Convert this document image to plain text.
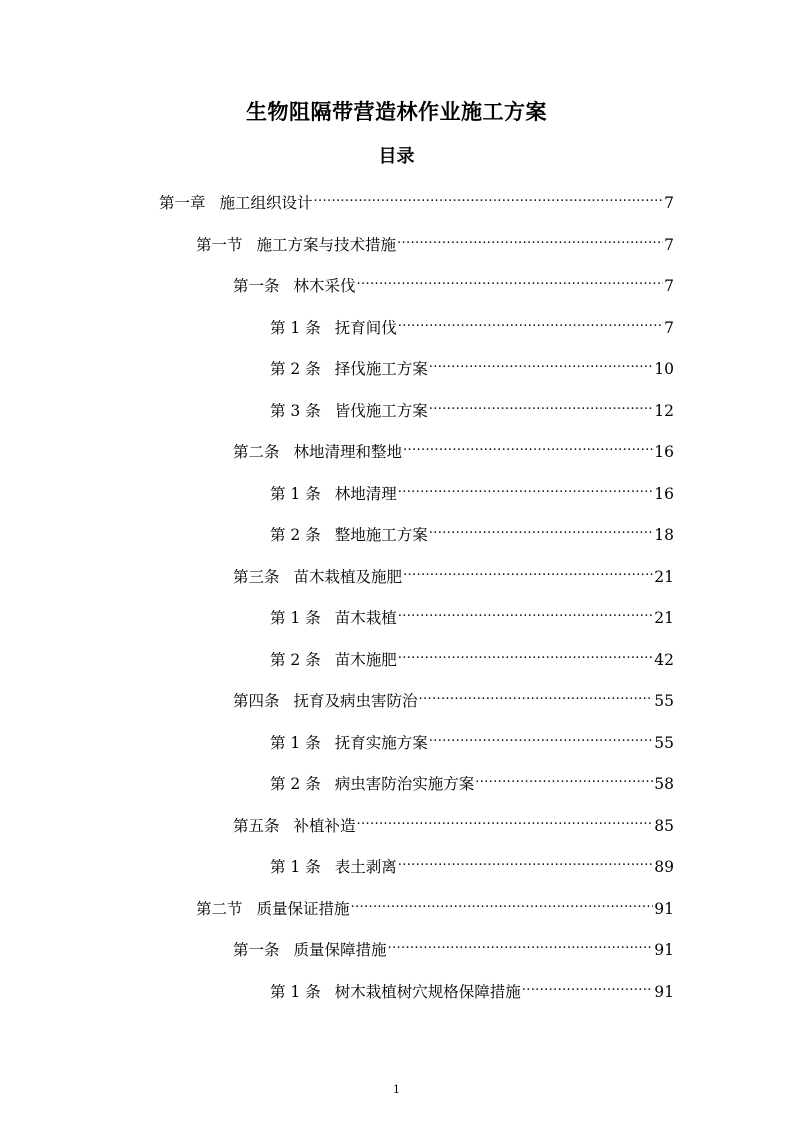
生物阻隔带营造林作业施工方案
目录
第一章 施工组织设计 .....	7
第一节 施工方案与技术措施 .....	7
第一条 林木采伐 .....	7
第 1 条 抚育间伐 .....	7
第 2 条 择伐施工方案 .....	10
第 3 条 皆伐施工方案 .....	12
第二条 林地清理和整地 .....	16
第 1 条 林地清理 .....	16
第 2 条 整地施工方案 .....	18
第三条 苗木栽植及施肥 .....	21
第 1 条 苗木栽植 .....	21
第 2 条 苗木施肥 .....	42
第四条 抚育及病虫害防治 .....	55
第 1 条 抚育实施方案 .....	55
第 2 条 病虫害防治实施方案 .....	58
第五条 补植补造 .....	85
第 1 条 表土剥离 .....	89
第二节 质量保证措施 .....	91
第一条 质量保障措施 .....	91
第 1 条 树木栽植树穴规格保障措施 .....	91
1
